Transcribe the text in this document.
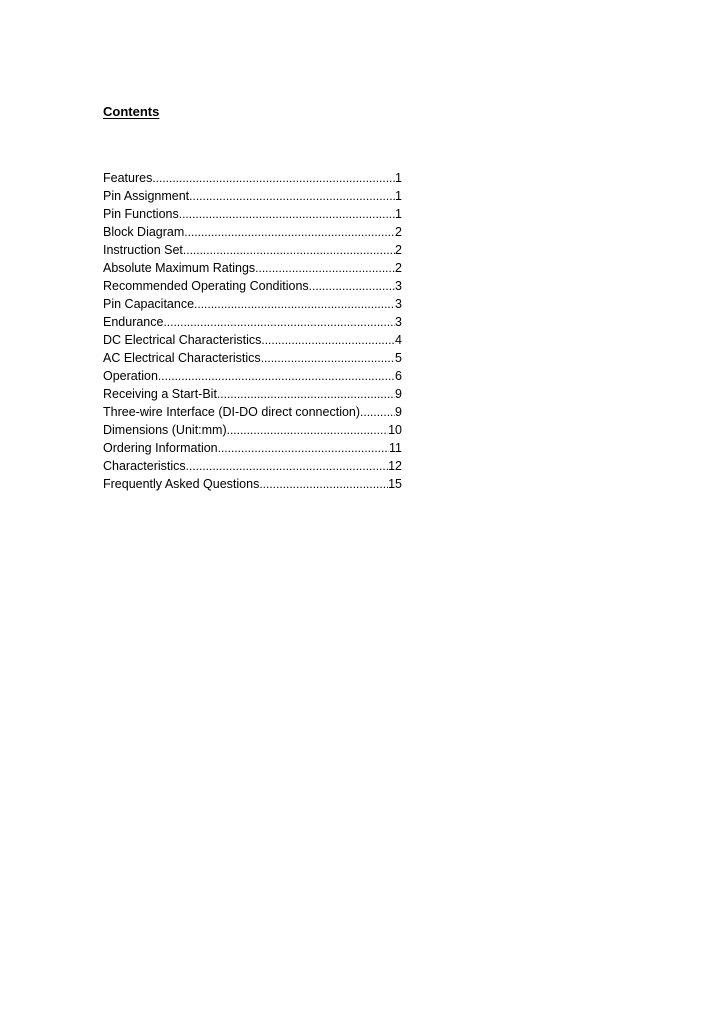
Contents
Features .....	1
Pin Assignment .....	1
Pin Functions .....	1
Block Diagram .....	2
Instruction Set .....	2
Absolute Maximum Ratings .....	2
Recommended Operating Conditions .....	3
Pin Capacitance .....	3
Endurance .....	3
DC Electrical Characteristics .....	4
AC Electrical Characteristics .....	5
Operation .....	6
Receiving a Start-Bit .....	9
Three-wire Interface (DI-DO direct connection) .....	9
Dimensions (Unit:mm) .....	10
Ordering Information .....	11
Characteristics .....	12
Frequently Asked Questions .....	15
